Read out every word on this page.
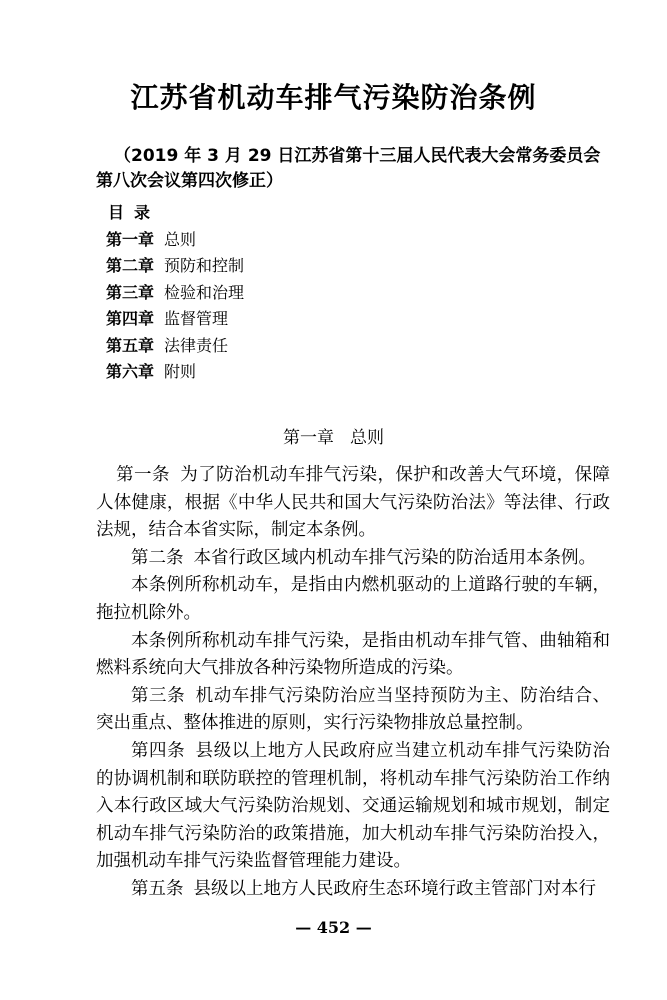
江苏省机动车排气污染防治条例
（2019 年 3 月 29 日江苏省第十三届人民代表大会常务委员会
第八次会议第四次修正）
目录
第一章 总则
第二章 预防和控制
第三章 检验和治理
第四章 监督管理
第五章 法律责任
第六章 附则
第一章 总则

第一条 为了防治机动车排气污染，保护和改善大气环境，保障人体健康，根据《中华人民共和国大气污染防治法》等法律、行政法规，结合本省实际，制定本条例。

第二条 本省行政区域内机动车排气污染的防治适用本条例。

本条例所称机动车，是指由内燃机驱动的上道路行驶的车辆，拖拉机除外。

本条例所称机动车排气污染，是指由机动车排气管、曲轴箱和燃料系统向大气排放各种污染物所造成的污染。

第三条 机动车排气污染防治应当坚持预防为主、防治结合、突出重点、整体推进的原则，实行污染物排放总量控制。

第四条 县级以上地方人民政府应当建立机动车排气污染防治的协调机制和联防联控的管理机制，将机动车排气污染防治工作纳入本行政区域大气污染防治规划、交通运输规划和城市规划，制定机动车排气污染防治的政策措施，加大机动车排气污染防治投入，加强机动车排气污染监督管理能力建设。

第五条 县级以上地方人民政府生态环境行政主管部门对本行

— 452 —
